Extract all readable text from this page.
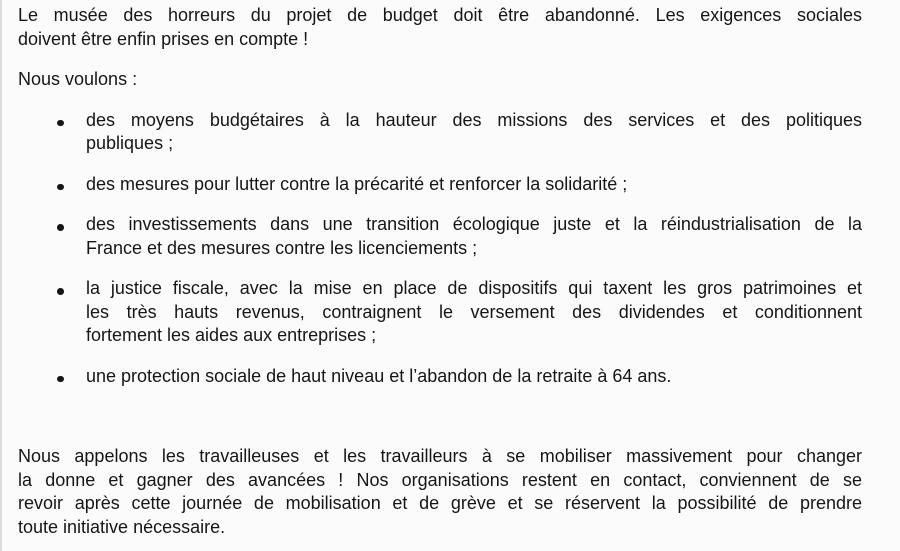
Le musée des horreurs du projet de budget doit être abandonné. Les exigences sociales
doivent être enfin prises en compte !

Nous voulons :

des moyens budgétaires à la hauteur des missions des services et des politiques
publiques ;
des mesures pour lutter contre la précarité et renforcer la solidarité ;
des investissements dans une transition écologique juste et la réindustrialisation de la
France et des mesures contre les licenciements ;
la justice fiscale, avec la mise en place de dispositifs qui taxent les gros patrimoines et
les très hauts revenus, contraignent le versement des dividendes et conditionnent
fortement les aides aux entreprises ;
une protection sociale de haut niveau et l’abandon de la retraite à 64 ans.

Nous appelons les travailleuses et les travailleurs à se mobiliser massivement pour changer
la donne et gagner des avancées ! Nos organisations restent en contact, conviennent de se
revoir après cette journée de mobilisation et de grève et se réservent la possibilité de prendre
toute initiative nécessaire.
